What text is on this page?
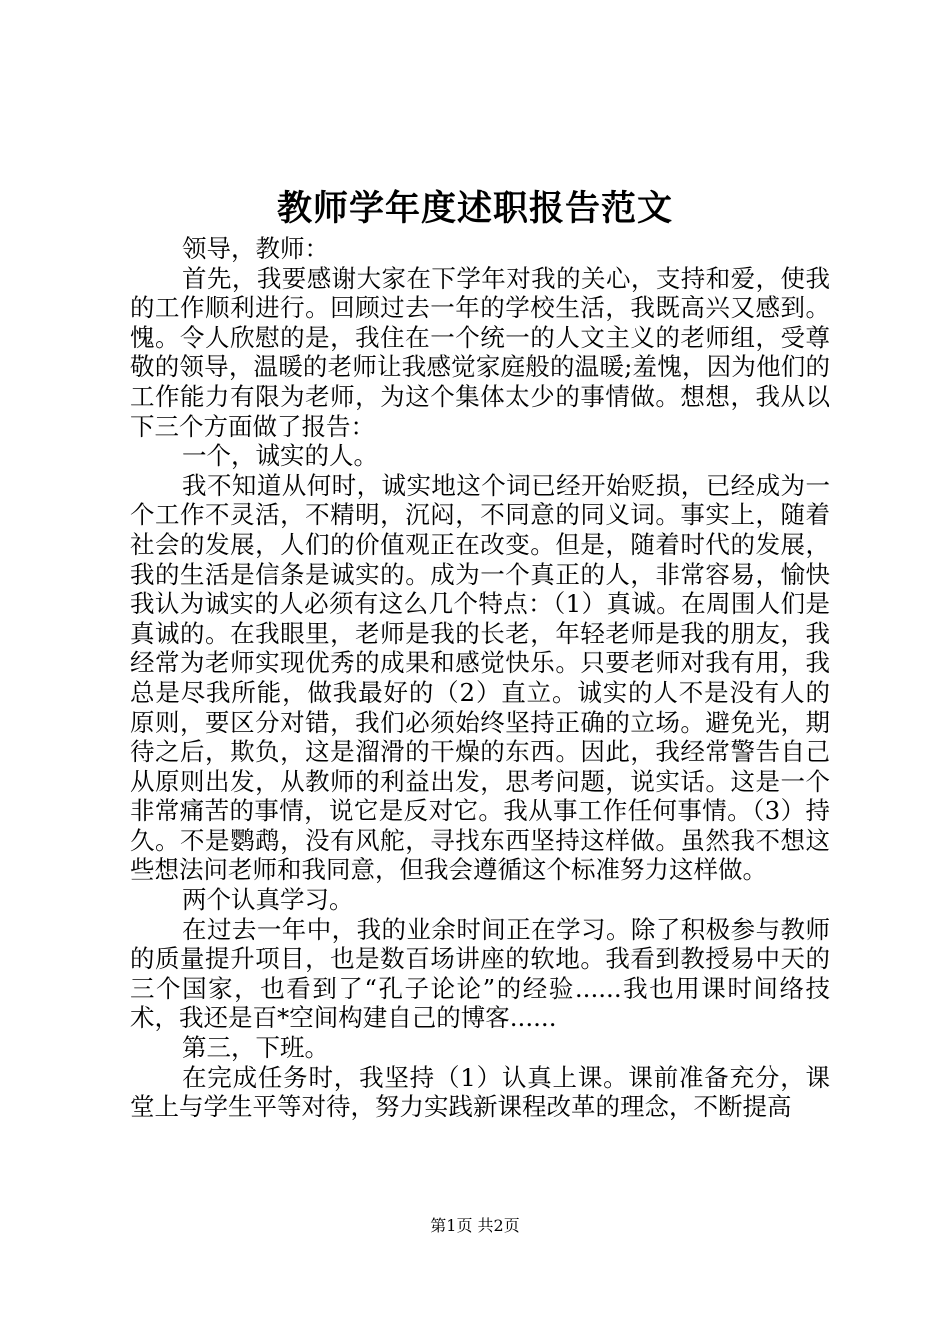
教师学年度述职报告范文

领导，教师：

首先，我要感谢大家在下学年对我的关心，支持和爱，使我的工作顺利进行。回顾过去一年的学校生活，我既高兴又感到。愧。令人欣慰的是，我住在一个统一的人文主义的老师组，受尊敬的领导，温暖的老师让我感觉家庭般的温暖;羞愧，因为他们的工作能力有限为老师，为这个集体太少的事情做。想想，我从以下三个方面做了报告：

一个，诚实的人。

我不知道从何时，诚实地这个词已经开始贬损，已经成为一个工作不灵活，不精明，沉闷，不同意的同义词。事实上，随着社会的发展，人们的价值观正在改变。但是，随着时代的发展，我的生活是信条是诚实的。成为一个真正的人，非常容易，愉快我认为诚实的人必须有这么几个特点：（1）真诚。在周围人们是真诚的。在我眼里，老师是我的长老，年轻老师是我的朋友，我经常为老师实现优秀的成果和感觉快乐。只要老师对我有用，我总是尽我所能，做我最好的（2）直立。诚实的人不是没有人的原则，要区分对错，我们必须始终坚持正确的立场。避免光，期待之后，欺负，这是溜滑的干燥的东西。因此，我经常警告自己从原则出发，从教师的利益出发，思考问题，说实话。这是一个非常痛苦的事情，说它是反对它。我从事工作任何事情。（3）持久。不是鹦鹉，没有风舵，寻找东西坚持这样做。虽然我不想这些想法问老师和我同意，但我会遵循这个标准努力这样做。

两个认真学习。

在过去一年中，我的业余时间正在学习。除了积极参与教师的质量提升项目，也是数百场讲座的软地。我看到教授易中天的三个国家，也看到了“孔子论论”的经验......我也用课时间络技术，我还是百*空间构建自己的博客......

第三，下班。

在完成任务时，我坚持（1）认真上课。课前准备充分，课堂上与学生平等对待，努力实践新课程改革的理念，不断提高

第1页 共2页
